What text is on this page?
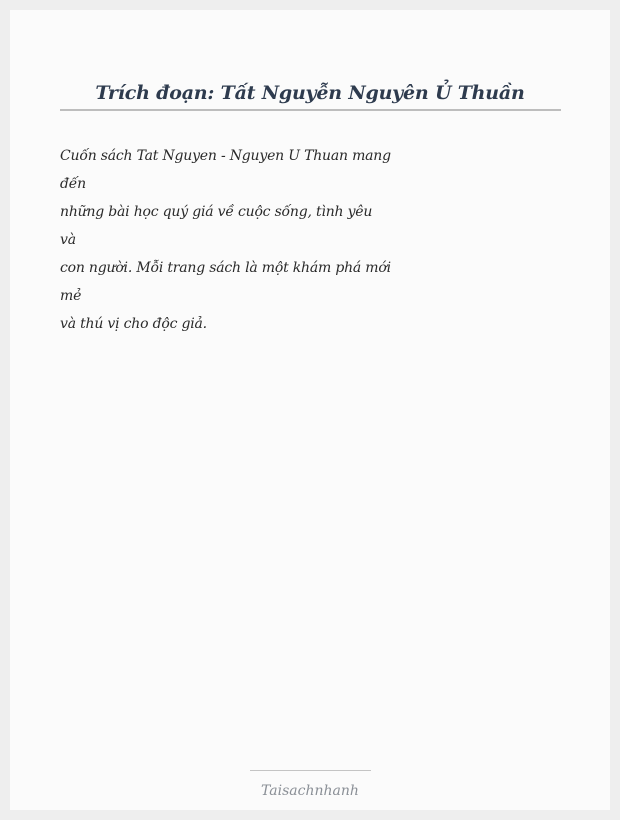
Trích đoạn: Tất Nguyễn Nguyên Ủ Thuần
Cuốn sách Tat Nguyen - Nguyen U Thuan mang
đến
những bài học quý giá về cuộc sống, tình yêu
và
con người. Mỗi trang sách là một khám phá mới
mẻ
và thú vị cho độc giả.
Taisachnhanh
